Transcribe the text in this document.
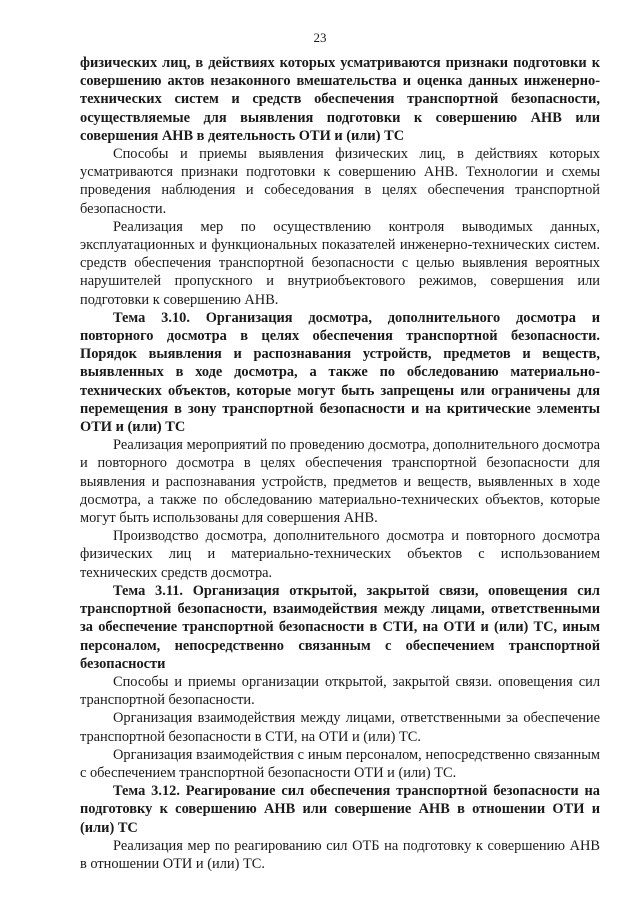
23

физических лиц, в действиях которых усматриваются признаки подготовки к совершению актов незаконного вмешательства и оценка данных инженерно-технических систем и средств обеспечения транспортной безопасности, осуществляемые для выявления подготовки к совершению АНВ или совершения АНВ в деятельность ОТИ и (или) ТС

Способы и приемы выявления физических лиц, в действиях которых усматриваются признаки подготовки к совершению АНВ. Технологии и схемы проведения наблюдения и собеседования в целях обеспечения транспортной безопасности.

Реализация мер по осуществлению контроля выводимых данных, эксплуатационных и функциональных показателей инженерно-технических систем. средств обеспечения транспортной безопасности с целью выявления вероятных нарушителей пропускного и внутриобъектового режимов, совершения или подготовки к совершению АНВ.

Тема 3.10. Организация досмотра, дополнительного досмотра и повторного досмотра в целях обеспечения транспортной безопасности. Порядок выявления и распознавания устройств, предметов и веществ, выявленных в ходе досмотра, а также по обследованию материально-технических объектов, которые могут быть запрещены или ограничены для перемещения в зону транспортной безопасности и на критические элементы ОТИ и (или) ТС

Реализация мероприятий по проведению досмотра, дополнительного досмотра и повторного досмотра в целях обеспечения транспортной безопасности для выявления и распознавания устройств, предметов и веществ, выявленных в ходе досмотра, а также по обследованию материально-технических объектов, которые могут быть использованы для совершения АНВ.

Производство досмотра, дополнительного досмотра и повторного досмотра физических лиц и материально-технических объектов с использованием технических средств досмотра.

Тема 3.11. Организация открытой, закрытой связи, оповещения сил транспортной безопасности, взаимодействия между лицами, ответственными за обеспечение транспортной безопасности в СТИ, на ОТИ и (или) ТС, иным персоналом, непосредственно связанным с обеспечением транспортной безопасности

Способы и приемы организации открытой, закрытой связи. оповещения сил транспортной безопасности.

Организация взаимодействия между лицами, ответственными за обеспечение транспортной безопасности в СТИ, на ОТИ и (или) ТС.

Организация взаимодействия с иным персоналом, непосредственно связанным с обеспечением транспортной безопасности ОТИ и (или) ТС.

Тема 3.12. Реагирование сил обеспечения транспортной безопасности на подготовку к совершению АНВ или совершение АНВ в отношении ОТИ и (или) ТС

Реализация мер по реагированию сил ОТБ на подготовку к совершению АНВ в отношении ОТИ и (или) ТС.
